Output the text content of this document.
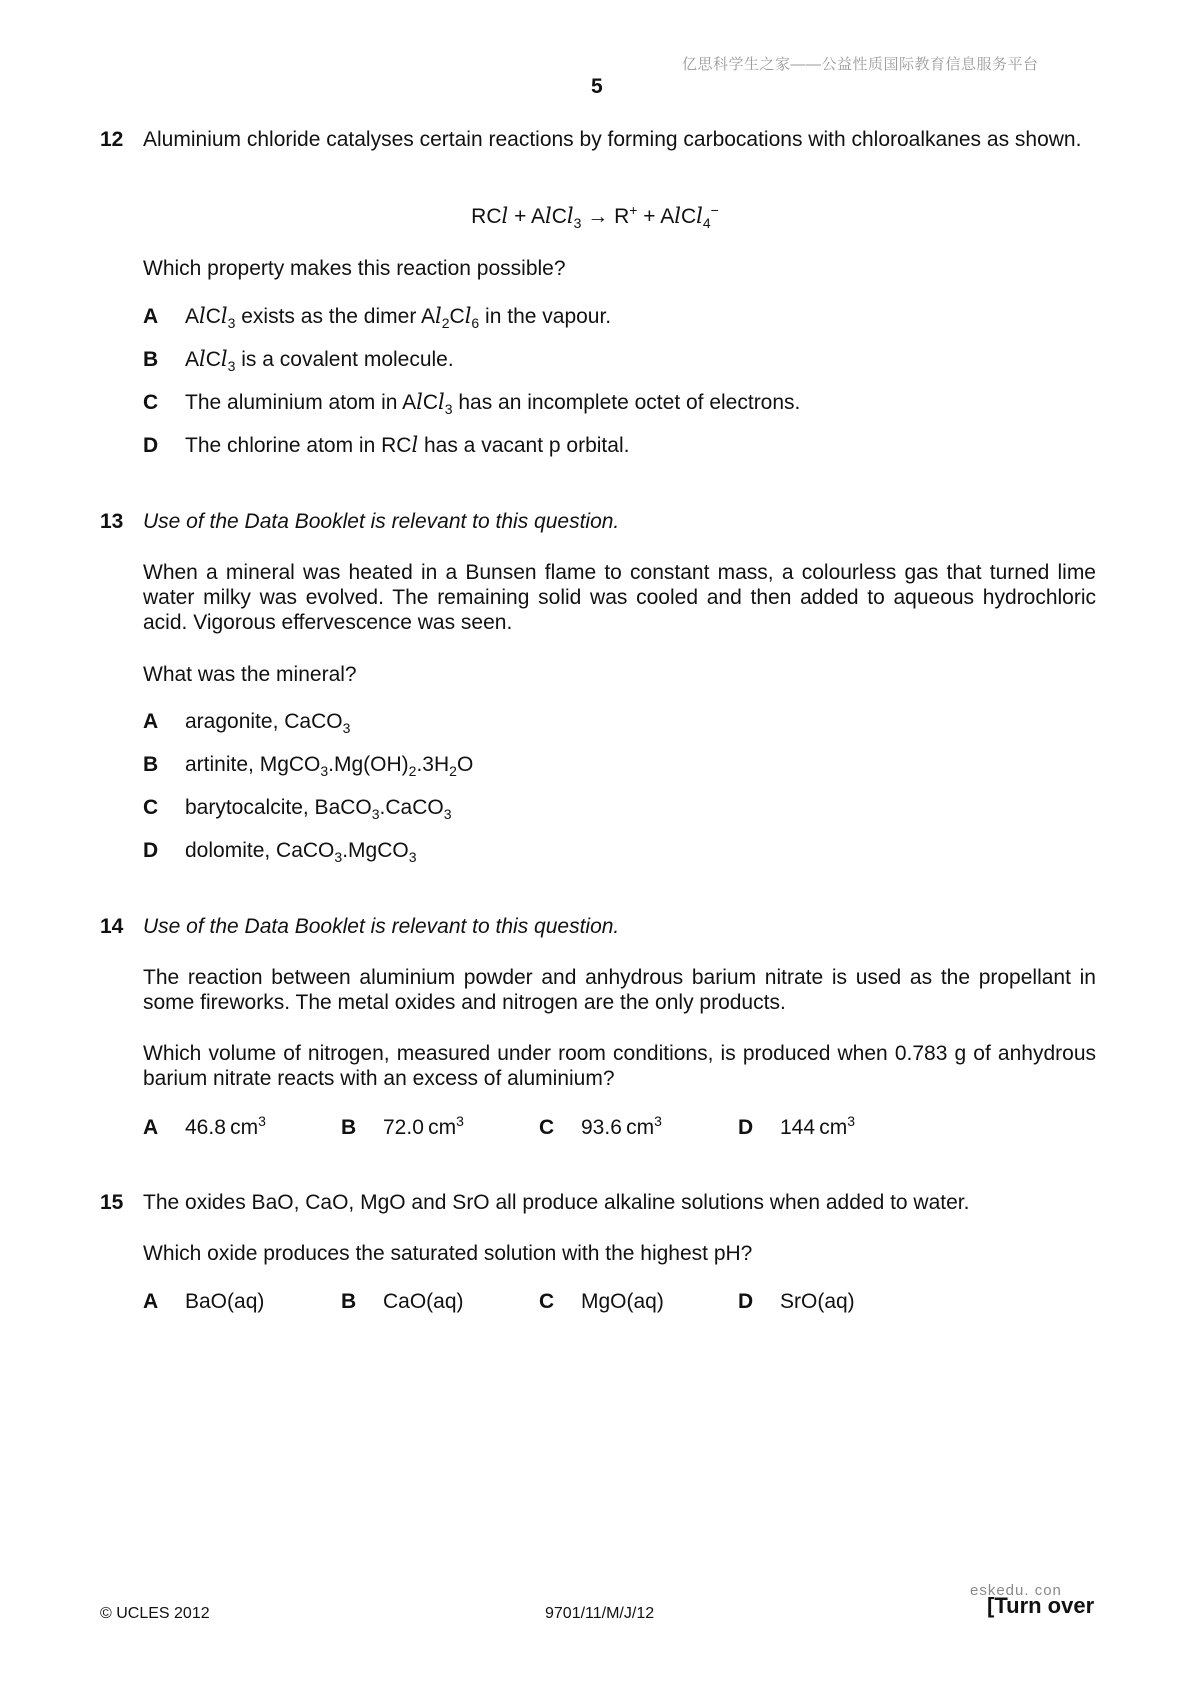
亿思科学生之家——公益性质国际教育信息服务平台
5
12 Aluminium chloride catalyses certain reactions by forming carbocations with chloroalkanes as shown.
RCl + AlCl$_3$ → R+ + AlCl$_4$−
Which property makes this reaction possible?
A AlCl$_3$ exists as the dimer $Al_2Cl_6$ in the vapour.
B AlCl$_3$ is a covalent molecule.
C The aluminium atom in AlCl$_3$ has an incomplete octet of electrons.
D The chlorine atom in RCl has a vacant p orbital.
13 Use of the Data Booklet is relevant to this question.
When a mineral was heated in a Bunsen flame to constant mass, a colourless gas that turned lime water milky was evolved. The remaining solid was cooled and then added to aqueous hydrochloric acid. Vigorous effervescence was seen.
What was the mineral?
A aragonite, CaCO$_3$
B artinite, $MgCO_3.Mg(OH)_2.3H_2O$
C barytocalcite, BaCO$_3$.CaCO$_3$
D dolomite, CaCO$_3$.MgCO$_3$
14 Use of the Data Booklet is relevant to this question.
The reaction between aluminium powder and anhydrous barium nitrate is used as the propellant in some fireworks. The metal oxides and nitrogen are the only products.
Which volume of nitrogen, measured under room conditions, is produced when 0.783 g of anhydrous barium nitrate reacts with an excess of aluminium?
A 46.8  $cm^3$	B 72.0  $cm^3$	C 93.6  $cm^3$	D 144  $cm^3$
15 The oxides BaO, CaO, MgO and SrO all produce alkaline solutions when added to water.
Which oxide produces the saturated solution with the highest pH?
A BaO(aq)	B CaO(aq)	C MgO(aq)	D SrO(aq)
eskedu. con
© UCLES 2012	9701/11/M/J/12	[Turn over
